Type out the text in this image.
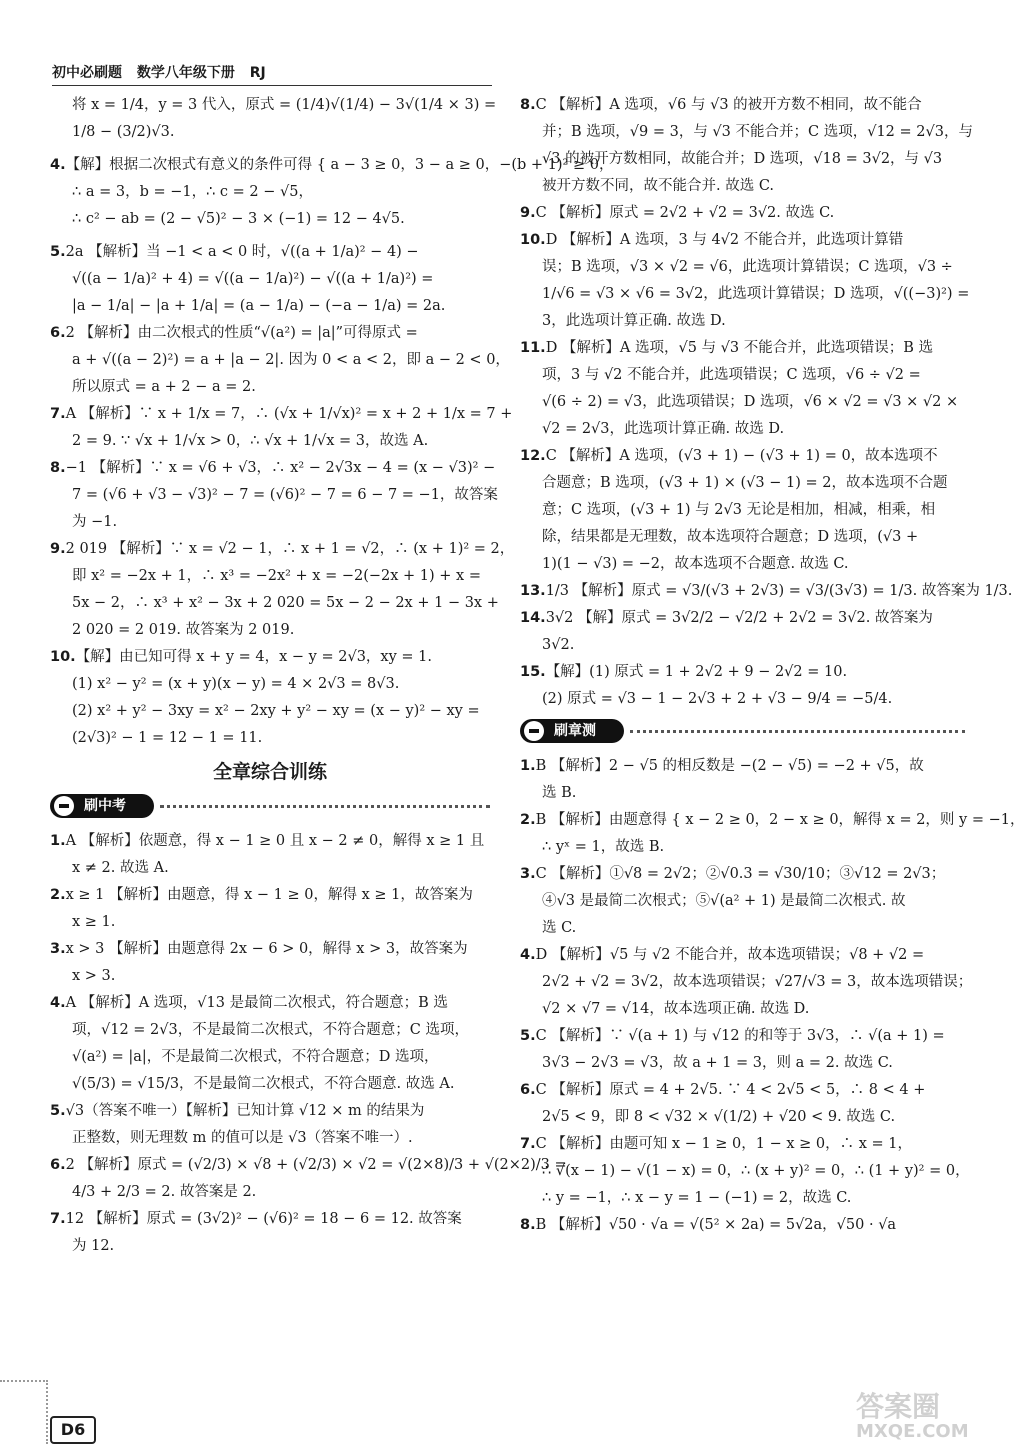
初中必刷题 数学八年级下册 RJ
将 x = 1/4，y = 3 代入，原式 = (1/4)√(1/4) − 3√(1/4 × 3) =
1/8 − (3/2)√3.
4.【解】根据二次根式有意义的条件可得 { a − 3 ≥ 0，3 − a ≥ 0，−(b + 1)² ≥ 0，
∴ a = 3，b = −1，∴ c = 2 − √5，
∴ c² − ab = (2 − √5)² − 3 × (−1) = 12 − 4√5.
5.2a 【解析】当 −1 < a < 0 时，√((a + 1/a)² − 4) −
√((a − 1/a)² + 4) = √((a − 1/a)²) − √((a + 1/a)²) =
|a − 1/a| − |a + 1/a| = (a − 1/a) − (−a − 1/a) = 2a.
6.2 【解析】由二次根式的性质“√(a²) = |a|”可得原式 =
a + √((a − 2)²) = a + |a − 2|. 因为 0 < a < 2，即 a − 2 < 0，
所以原式 = a + 2 − a = 2.
7.A 【解析】∵ x + 1/x = 7，∴ (√x + 1/√x)² = x + 2 + 1/x = 7 +
2 = 9. ∵ √x + 1/√x > 0，∴ √x + 1/√x = 3，故选 A.
8.−1 【解析】∵ x = √6 + √3，∴ x² − 2√3x − 4 = (x − √3)² −
7 = (√6 + √3 − √3)² − 7 = (√6)² − 7 = 6 − 7 = −1，故答案
为 −1.
9.2 019 【解析】∵ x = √2 − 1，∴ x + 1 = √2，∴ (x + 1)² = 2，
即 x² = −2x + 1，∴ x³ = −2x² + x = −2(−2x + 1) + x =
5x − 2，∴ x³ + x² − 3x + 2 020 = 5x − 2 − 2x + 1 − 3x +
2 020 = 2 019. 故答案为 2 019.
10.【解】由已知可得 x + y = 4，x − y = 2√3，xy = 1.
(1) x² − y² = (x + y)(x − y) = 4 × 2√3 = 8√3.
(2) x² + y² − 3xy = x² − 2xy + y² − xy = (x − y)² − xy =
(2√3)² − 1 = 12 − 1 = 11.
全章综合训练
刷中考
1.A 【解析】依题意，得 x − 1 ≥ 0 且 x − 2 ≠ 0，解得 x ≥ 1 且
x ≠ 2. 故选 A.
2.x ≥ 1 【解析】由题意，得 x − 1 ≥ 0，解得 x ≥ 1，故答案为
x ≥ 1.
3.x > 3 【解析】由题意得 2x − 6 > 0，解得 x > 3，故答案为
x > 3.
4.A 【解析】A 选项，√13 是最简二次根式，符合题意；B 选
项，√12 = 2√3，不是最简二次根式，不符合题意；C 选项，
√(a²) = |a|，不是最简二次根式，不符合题意；D 选项，
√(5/3) = √15/3，不是最简二次根式，不符合题意. 故选 A.
5.√3（答案不唯一）【解析】已知计算 √12 × m 的结果为
正整数，则无理数 m 的值可以是 √3（答案不唯一）.
6.2 【解析】原式 = (√2/3) × √8 + (√2/3) × √2 = √(2×8)/3 + √(2×2)/3 =
4/3 + 2/3 = 2. 故答案是 2.
7.12 【解析】原式 = (3√2)² − (√6)² = 18 − 6 = 12. 故答案
为 12.
8.C 【解析】A 选项，√6 与 √3 的被开方数不相同，故不能合
并；B 选项，√9 = 3，与 √3 不能合并；C 选项，√12 = 2√3，与
√3 的被开方数相同，故能合并；D 选项，√18 = 3√2，与 √3
被开方数不同，故不能合并. 故选 C.
9.C 【解析】原式 = 2√2 + √2 = 3√2. 故选 C.
10.D 【解析】A 选项，3 与 4√2 不能合并，此选项计算错
误；B 选项，√3 × √2 = √6，此选项计算错误；C 选项，√3 ÷
1/√6 = √3 × √6 = 3√2，此选项计算错误；D 选项，√((−3)²) =
3，此选项计算正确. 故选 D.
11.D 【解析】A 选项，√5 与 √3 不能合并，此选项错误；B 选
项，3 与 √2 不能合并，此选项错误；C 选项，√6 ÷ √2 =
√(6 ÷ 2) = √3，此选项错误；D 选项，√6 × √2 = √3 × √2 ×
√2 = 2√3，此选项计算正确. 故选 D.
12.C 【解析】A 选项，(√3 + 1) − (√3 + 1) = 0，故本选项不
合题意；B 选项，(√3 + 1) × (√3 − 1) = 2，故本选项不合题
意；C 选项，(√3 + 1) 与 2√3 无论是相加，相减，相乘，相
除，结果都是无理数，故本选项符合题意；D 选项，(√3 +
1)(1 − √3) = −2，故本选项不合题意. 故选 C.
13.1/3 【解析】原式 = √3/(√3 + 2√3) = √3/(3√3) = 1/3. 故答案为 1/3.
14.3√2 【解】原式 = 3√2/2 − √2/2 + 2√2 = 3√2. 故答案为
3√2.
15.【解】(1) 原式 = 1 + 2√2 + 9 − 2√2 = 10.
(2) 原式 = √3 − 1 − 2√3 + 2 + √3 − 9/4 = −5/4.
刷章测
1.B 【解析】2 − √5 的相反数是 −(2 − √5) = −2 + √5，故
选 B.
2.B 【解析】由题意得 { x − 2 ≥ 0，2 − x ≥ 0，解得 x = 2，则 y = −1，
∴ yˣ = 1，故选 B.
3.C 【解析】①√8 = 2√2；②√0.3 = √30/10；③√12 = 2√3；
④√3 是最简二次根式；⑤√(a² + 1) 是最简二次根式. 故
选 C.
4.D 【解析】√5 与 √2 不能合并，故本选项错误；√8 + √2 =
2√2 + √2 = 3√2，故本选项错误；√27/√3 = 3，故本选项错误；
√2 × √7 = √14，故本选项正确. 故选 D.
5.C 【解析】∵ √(a + 1) 与 √12 的和等于 3√3，∴ √(a + 1) =
3√3 − 2√3 = √3，故 a + 1 = 3，则 a = 2. 故选 C.
6.C 【解析】原式 = 4 + 2√5. ∵ 4 < 2√5 < 5，∴ 8 < 4 +
2√5 < 9，即 8 < √32 × √(1/2) + √20 < 9. 故选 C.
7.C 【解析】由题可知 x − 1 ≥ 0，1 − x ≥ 0，∴ x = 1，
∴ √(x − 1) − √(1 − x) = 0，∴ (x + y)² = 0，∴ (1 + y)² = 0，
∴ y = −1，∴ x − y = 1 − (−1) = 2，故选 C.
8.B 【解析】√50 · √a = √(5² × 2a) = 5√2a，√50 · √a
D6
答案圈
MXQE.COM
